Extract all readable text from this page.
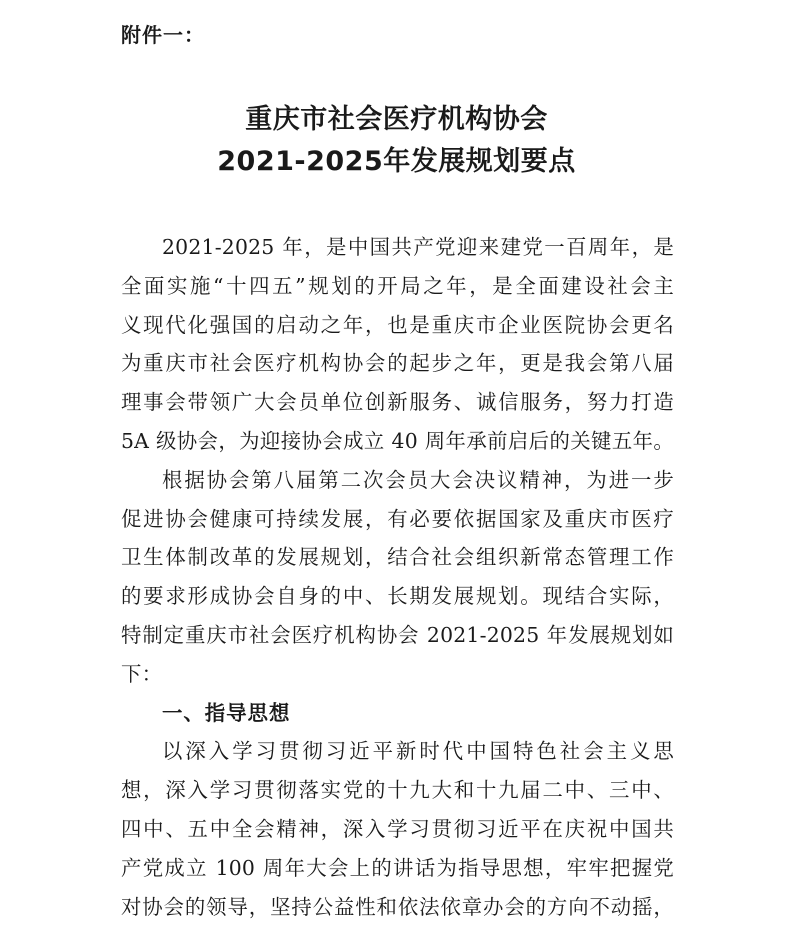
附件一：
重庆市社会医疗机构协会
2021-2025年发展规划要点
2021-2025 年，是中国共产党迎来建党一百周年，是
全面实施“十四五”规划的开局之年，是全面建设社会主
义现代化强国的启动之年，也是重庆市企业医院协会更名
为重庆市社会医疗机构协会的起步之年，更是我会第八届
理事会带领广大会员单位创新服务、诚信服务，努力打造
5A 级协会，为迎接协会成立 40 周年承前启后的关键五年。
根据协会第八届第二次会员大会决议精神，为进一步
促进协会健康可持续发展，有必要依据国家及重庆市医疗
卫生体制改革的发展规划，结合社会组织新常态管理工作
的要求形成协会自身的中、长期发展规划。现结合实际，
特制定重庆市社会医疗机构协会 2021-2025 年发展规划如
下：
一、指导思想
以深入学习贯彻习近平新时代中国特色社会主义思
想，深入学习贯彻落实党的十九大和十九届二中、三中、
四中、五中全会精神，深入学习贯彻习近平在庆祝中国共
产党成立 100 周年大会上的讲话为指导思想，牢牢把握党
对协会的领导，坚持公益性和依法依章办会的方向不动摇，
